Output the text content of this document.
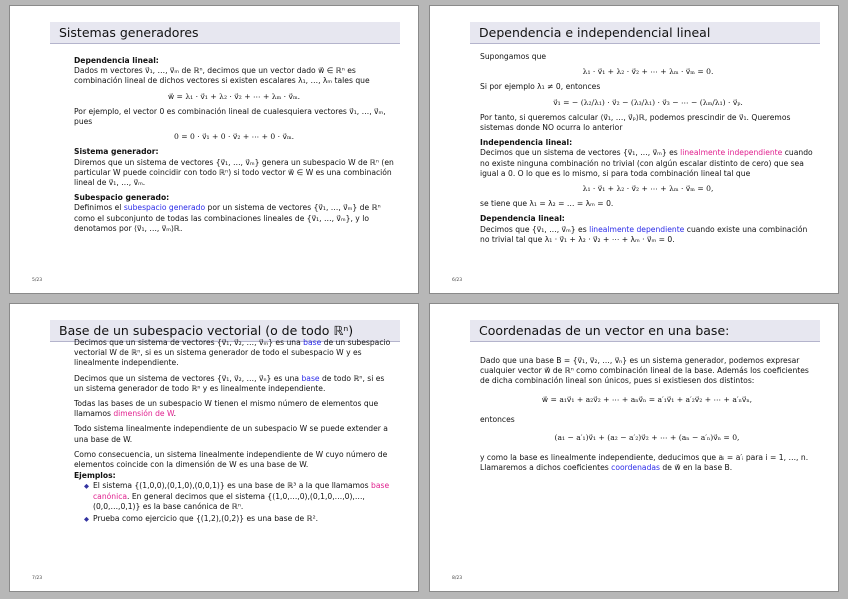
Sistemas generadores

Dependencia lineal:
Dados m vectores v⃗₁, …, v⃗ₘ de ℝⁿ, decimos que un vector dado w⃗ ∈ ℝⁿ es combinación lineal de dichos vectores si existen escalares λ₁, …, λₘ tales que

w⃗ = λ₁ · v⃗₁ + λ₂ · v⃗₂ + ⋯ + λₘ · v⃗ₘ.

Por ejemplo, el vector 0 es combinación lineal de cualesquiera vectores v⃗₁, …, v⃗ₘ, pues

0 = 0 · v⃗₁ + 0 · v⃗₂ + ⋯ + 0 · v⃗ₘ.

Sistema generador:
Diremos que un sistema de vectores {v⃗₁, …, v⃗ₘ} genera un subespacio W de ℝⁿ (en particular W puede coincidir con todo ℝⁿ) si todo vector w⃗ ∈ W es una combinación lineal de v⃗₁, …, v⃗ₘ.

Subespacio generado:
Definimos el subespacio generado por un sistema de vectores {v⃗₁, …, v⃗ₘ} de ℝⁿ como el subconjunto de todas las combinaciones lineales de {v⃗₁, …, v⃗ₘ}, y lo denotamos por ⟨v⃗₁, …, v⃗ₘ⟩ℝ.

5/23
Dependencia e independencial lineal

Supongamos que

λ₁ · v⃗₁ + λ₂ · v⃗₂ + ⋯ + λₘ · v⃗ₘ = 0.

Si por ejemplo λ₁ ≠ 0, entonces

v⃗₁ = − (λ₂/λ₁) · v⃗₂ − (λ₃/λ₁) · v⃗₃ − ⋯ − (λₘ/λ₁) · v⃗ₚ.

Por tanto, si queremos calcular ⟨v⃗₁, …, v⃗ₚ⟩ℝ, podemos prescindir de v⃗₁. Queremos sistemas donde NO ocurra lo anterior

Independencia lineal:
Decimos que un sistema de vectores {v⃗₁, …, v⃗ₘ} es linealmente independiente cuando no existe ninguna combinación no trivial (con algún escalar distinto de cero) que sea igual a 0. O lo que es lo mismo, si para toda combinación lineal tal que

λ₁ · v⃗₁ + λ₂ · v⃗₂ + ⋯ + λₘ · v⃗ₘ = 0,

se tiene que λ₁ = λ₂ = … = λₘ = 0.

Dependencia lineal:
Decimos que {v⃗₁, …, v⃗ₘ} es linealmente dependiente cuando existe una combinación no trivial tal que λ₁ · v⃗₁ + λ₂ · v⃗₂ + ⋯ + λₘ · v⃗ₘ = 0.

6/23
Base de un subespacio vectorial (o de todo ℝⁿ)

Decimos que un sistema de vectores {v⃗₁, v⃗₂, …, v⃗ₘ} es una base de un subespacio vectorial W de ℝⁿ, si es un sistema generador de todo el subespacio W y es linealmente independiente.

Decimos que un sistema de vectores {v⃗₁, v⃗₂, …, v⃗ₙ} es una base de todo ℝⁿ, si es un sistema generador de todo ℝⁿ y es linealmente independiente.

Todas las bases de un subespacio W tienen el mismo número de elementos que llamamos dimensión de W.

Todo sistema linealmente independiente de un subespacio W se puede extender a una base de W.

Como consecuencia, un sistema linealmente independiente de W cuyo número de elementos coincide con la dimensión de W es una base de W.

Ejemplos:
◆ El sistema {(1,0,0),(0,1,0),(0,0,1)} es una base de ℝ³ a la que llamamos base canónica. En general decimos que el sistema {(1,0,…,0),(0,1,0,…,0),…,(0,0,…,0,1)} es la base canónica de ℝⁿ.
◆ Prueba como ejercicio que {(1,2),(0,2)} es una base de ℝ².
7/23
Coordenadas de un vector en una base:

Dado que una base B = {v⃗₁, v⃗₂, …, v⃗ₙ} es un sistema generador, podemos expresar cualquier vector w⃗ de ℝⁿ como combinación lineal de la base. Además los coeficientes de dicha combinación lineal son únicos, pues si existiesen dos distintos:

w⃗ = a₁v⃗₁ + a₂v⃗₂ + ⋯ + aₙv⃗ₙ = a′₁v⃗₁ + a′₂v⃗₂ + ⋯ + a′ₙv⃗ₙ,

entonces

(a₁ − a′₁)v⃗₁ + (a₂ − a′₂)v⃗₂ + ⋯ + (aₙ − a′ₙ)v⃗ₙ = 0,

y como la base es linealmente independiente, deducimos que aᵢ = a′ᵢ para i = 1, …, n. Llamaremos a dichos coeficientes coordenadas de w⃗ en la base B.

8/23
